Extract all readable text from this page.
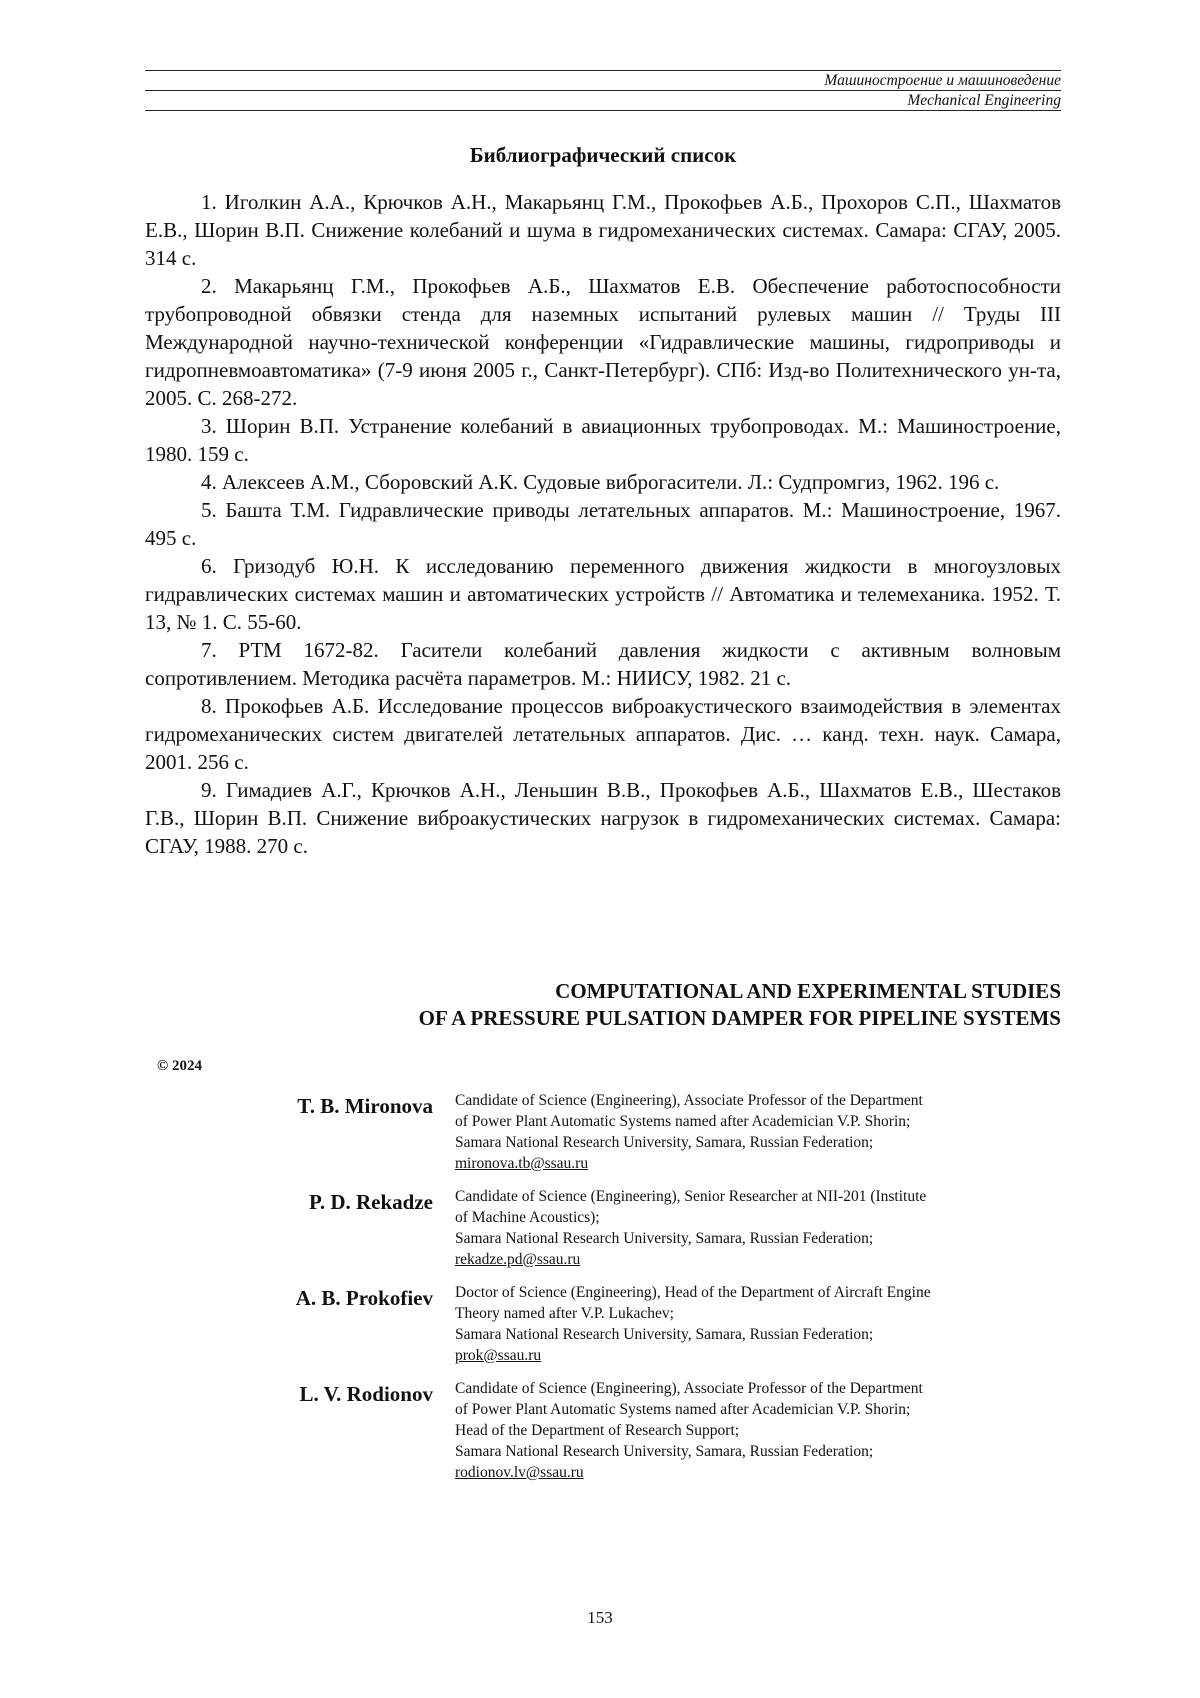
Машиностроение и машиноведение
Mechanical Engineering
Библиографический список

1. Иголкин А.А., Крючков А.Н., Макарьянц Г.М., Прокофьев А.Б., Прохоров С.П., Шахматов Е.В., Шорин В.П. Снижение колебаний и шума в гидромеханических системах. Самара: СГАУ, 2005. 314 с.

2. Макарьянц Г.М., Прокофьев А.Б., Шахматов Е.В. Обеспечение работоспособности трубопроводной обвязки стенда для наземных испытаний рулевых машин // Труды III Международной научно-технической конференции «Гидравлические машины, гидроприводы и гидропневмоавтоматика» (7-9 июня 2005 г., Санкт-Петербург). СПб: Изд-во Политехнического ун-та, 2005. С. 268-272.

3. Шорин В.П. Устранение колебаний в авиационных трубопроводах. М.: Машиностроение, 1980. 159 с.

4. Алексеев А.М., Сборовский А.К. Судовые виброгасители. Л.: Судпромгиз, 1962. 196 с.

5. Башта Т.М. Гидравлические приводы летательных аппаратов. М.: Машиностроение, 1967. 495 с.

6. Гризодуб Ю.Н. К исследованию переменного движения жидкости в многоузловых гидравлических системах машин и автоматических устройств // Автоматика и телемеханика. 1952. Т. 13, № 1. С. 55-60.

7. РТМ 1672-82. Гасители колебаний давления жидкости с активным волновым сопротивлением. Методика расчёта параметров. М.: НИИСУ, 1982. 21 с.

8. Прокофьев А.Б. Исследование процессов виброакустического взаимодействия в элементах гидромеханических систем двигателей летательных аппаратов. Дис. … канд. техн. наук. Самара, 2001. 256 с.

9. Гимадиев А.Г., Крючков А.Н., Леньшин В.В., Прокофьев А.Б., Шахматов Е.В., Шестаков Г.В., Шорин В.П. Снижение виброакустических нагрузок в гидромеханических системах. Самара: СГАУ, 1988. 270 с.

COMPUTATIONAL AND EXPERIMENTAL STUDIES
OF A PRESSURE PULSATION DAMPER FOR PIPELINE SYSTEMS
© 2024
T. B. Mironova Candidate of Science (Engineering), Associate Professor of the Department
of Power Plant Automatic Systems named after Academician V.P. Shorin;
Samara National Research University, Samara, Russian Federation;
mironova.tb@ssau.ru
P. D. Rekadze Candidate of Science (Engineering), Senior Researcher at NII-201 (Institute
of Machine Acoustics);
Samara National Research University, Samara, Russian Federation;
rekadze.pd@ssau.ru
A. B. Prokofiev Doctor of Science (Engineering), Head of the Department of Aircraft Engine
Theory named after V.P. Lukachev;
Samara National Research University, Samara, Russian Federation;
prok@ssau.ru
L. V. Rodionov Candidate of Science (Engineering), Associate Professor of the Department
of Power Plant Automatic Systems named after Academician V.P. Shorin;
Head of the Department of Research Support;
Samara National Research University, Samara, Russian Federation;
rodionov.lv@ssau.ru
153
